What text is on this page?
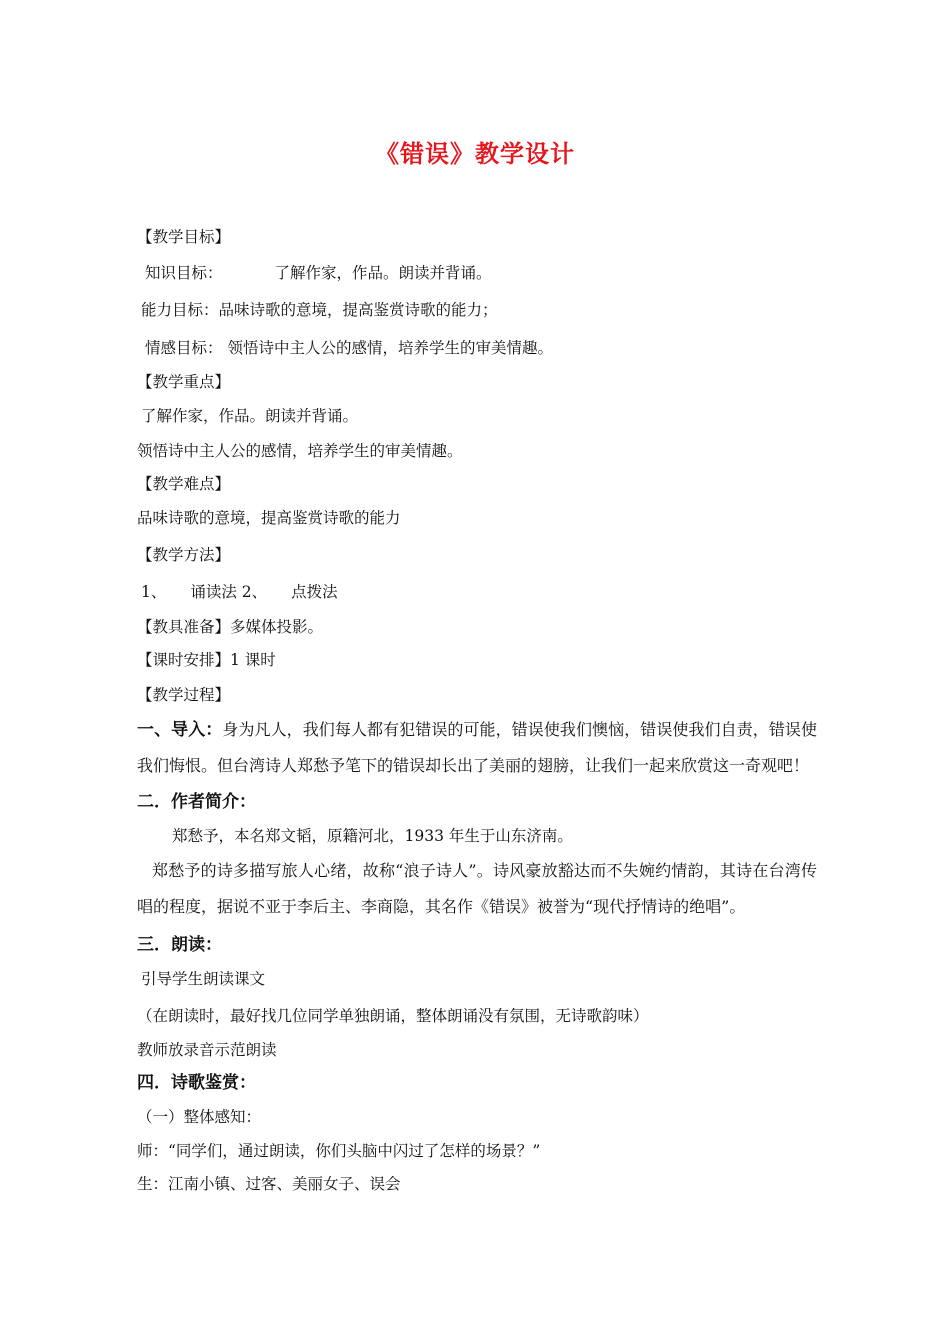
《错误》教学设计
【教学目标】
知识目标：	了解作家，作品。朗读并背诵。
能力目标：品味诗歌的意境，提高鉴赏诗歌的能力；
情感目标： 领悟诗中主人公的感情，培养学生的审美情趣。
【教学重点】
了解作家，作品。朗读并背诵。
领悟诗中主人公的感情，培养学生的审美情趣。
【教学难点】
品味诗歌的意境，提高鉴赏诗歌的能力
【教学方法】
1、 诵读法 2、 点拨法
【教具准备】多媒体投影。
【课时安排】1 课时
【教学过程】
一、导入：身为凡人，我们每人都有犯错误的可能，错误使我们懊恼，错误使我们自责，错误使我们悔恨。但台湾诗人郑愁予笔下的错误却长出了美丽的翅膀，让我们一起来欣赏这一奇观吧！
二．作者简介：
郑愁予，本名郑文韬，原籍河北，1933 年生于山东济南。
郑愁予的诗多描写旅人心绪，故称“浪子诗人”。诗风豪放豁达而不失婉约情韵，其诗在台湾传唱的程度，据说不亚于李后主、李商隐，其名作《错误》被誉为“现代抒情诗的绝唱”。
三．朗读：
引导学生朗读课文
（在朗读时，最好找几位同学单独朗诵，整体朗诵没有氛围，无诗歌韵味）
教师放录音示范朗读
四．诗歌鉴赏：
（一）整体感知：
师：“同学们，通过朗读，你们头脑中闪过了怎样的场景？”
生：江南小镇、过客、美丽女子、误会
